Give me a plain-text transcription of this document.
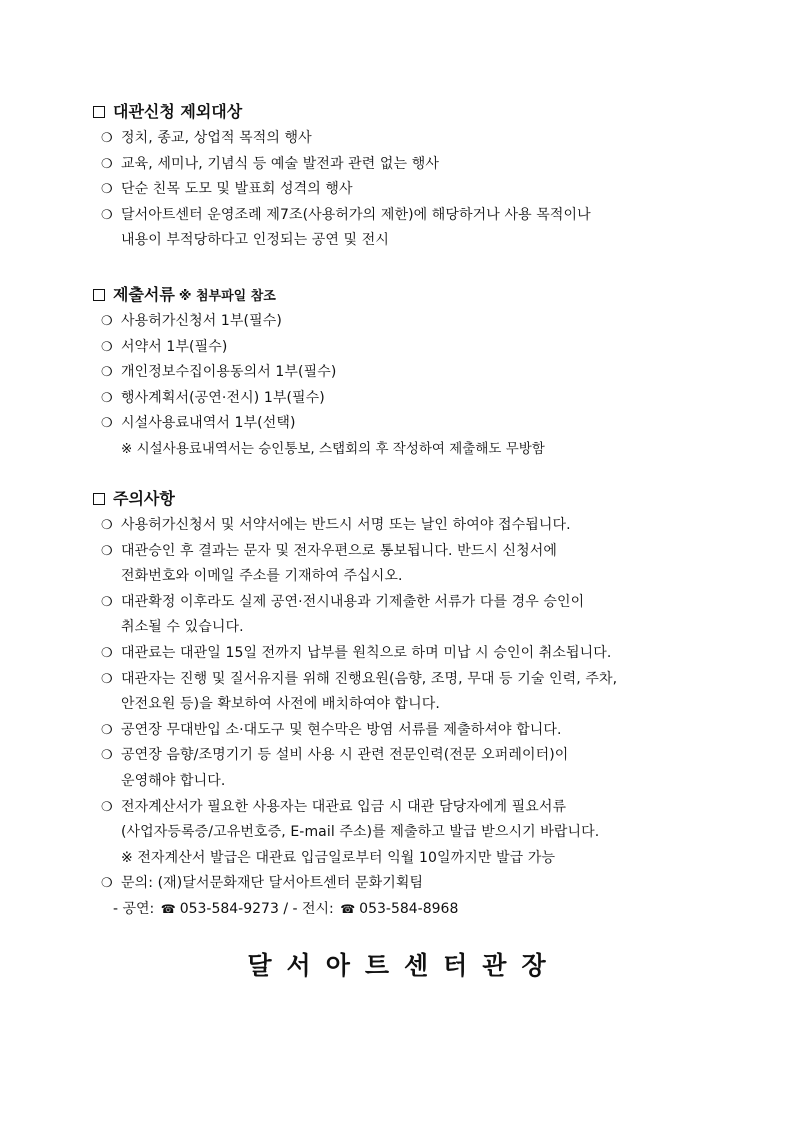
대관신청 제외대상
❍ 정치, 종교, 상업적 목적의 행사
❍ 교육, 세미나, 기념식 등 예술 발전과 관련 없는 행사
❍ 단순 친목 도모 및 발표회 성격의 행사
❍ 달서아트센터 운영조례 제7조(사용허가의 제한)에 해당하거나 사용 목적이나
내용이 부적당하다고 인정되는 공연 및 전시
제출서류 ※ 첨부파일 참조
❍ 사용허가신청서 1부(필수)
❍ 서약서 1부(필수)
❍ 개인정보수집이용동의서 1부(필수)
❍ 행사계획서(공연·전시) 1부(필수)
❍ 시설사용료내역서 1부(선택)
※ 시설사용료내역서는 승인통보, 스탭회의 후 작성하여 제출해도 무방함
주의사항
❍ 사용허가신청서 및 서약서에는 반드시 서명 또는 날인 하여야 접수됩니다.
❍ 대관승인 후 결과는 문자 및 전자우편으로 통보됩니다. 반드시 신청서에
전화번호와 이메일 주소를 기재하여 주십시오.
❍ 대관확정 이후라도 실제 공연·전시내용과 기제출한 서류가 다를 경우 승인이
취소될 수 있습니다.
❍ 대관료는 대관일 15일 전까지 납부를 원칙으로 하며 미납 시 승인이 취소됩니다.
❍ 대관자는 진행 및 질서유지를 위해 진행요원(음향, 조명, 무대 등 기술 인력, 주차,
안전요원 등)을 확보하여 사전에 배치하여야 합니다.
❍ 공연장 무대반입 소·대도구 및 현수막은 방염 서류를 제출하셔야 합니다.
❍ 공연장 음향/조명기기 등 설비 사용 시 관련 전문인력(전문 오퍼레이터)이
운영해야 합니다.
❍ 전자계산서가 필요한 사용자는 대관료 입금 시 대관 담당자에게 필요서류
(사업자등록증/고유번호증, E-mail 주소)를 제출하고 발급 받으시기 바랍니다.
※ 전자계산서 발급은 대관료 입금일로부터 익월 10일까지만 발급 가능
❍ 문의: (재)달서문화재단 달서아트센터 문화기획팀
- 공연: ☎ 053-584-9273 / - 전시: ☎ 053-584-8968
달서아트센터관장
